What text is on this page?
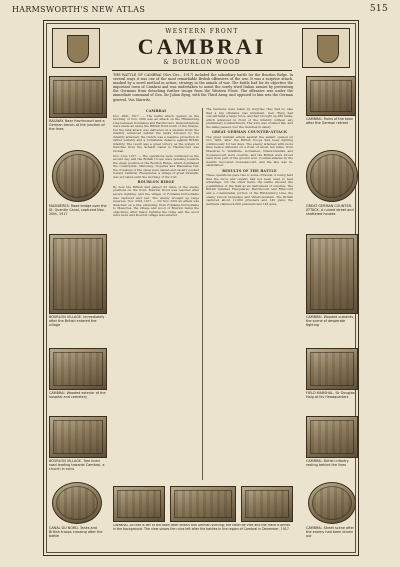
HARMSWORTH'S NEW ATLAS	515
WESTERN FRONT
CAMBRAI
& BOURLON WOOD
THE BATTLE OF CAMBRAI (Nov.-Dec., 1917) included the subsidiary battle for the Bourlon Ridge. In several ways it was one of the most remarkable British offensives of the war. It was a surprise attack, masked by a novel method in action; strategy in the annals of war. The battle had for its objective the important town of Cambrai and was undertaken to assist the sorely tried Italian armies by preventing the Germans from detaching further troops from the Western Front. The offensive was under the immediate command of Gen. Sir Julian Byng, with the Third Army, and opposed to him was the German general, Von Marwitz.
RAILWAY. Near Havrincourt and a German trench at the junction of the lines
CAMBRAI. Ruins of the town after the German retreat
MASNIÈRES. Road bridge over the St. Quentin Canal, captured Nov. 20th, 1917
GREAT GERMAN COUNTER-ATTACK. A ruined street and shattered houses
BOURLON VILLAGE. Immediately after the British entered the village
CAMBRAI. Wooded outskirts, the scene of desperate fighting
CAMBRAI. Wooded exterior of the hospital and cemetery
FIELD MARSHAL. Sir Douglas Haig at his Headquarters
BOURLON VILLAGE. Tree lined road leading towards Cambrai, a church in ruins
CAMBRAI. British infantry resting behind the lines
CANAL DU NORD. Tanks and British troops crossing after the battle
CAMBRAI. Street scene after the enemy had been driven out
CAMBRAI. All that is left of the town after British and German shelling; the Hôtel de Ville and the Place d'Armes in the background. The view shows the ruins left after the battles in the region of Cambrai in December, 1917.
CAMBRAI
Nov. 20th, 1917. — The battle which opened on the morning of Nov. 20th was an attack on the Hindenburg Line between Gonnelieu and Havrincourt. Demonstrations were made all along the British front south of the Scarpe, but the tank attack was delivered on a six-mile front; the infantry advanced behind the tanks followed by the infantry attacked; the trench was a massive protection in rather suitably and a formidable defence against British infantry. The result was a great victory, as the system of trenches from the Scheldt Canal to Havrincourt was broken.
Nov. 21st, 1917. — The operations were continued on the second day and the British troops were pressing towards the great position of the Bourlon Ridge, which dominated the countryside. Marcoing, Noyelles and Masnières fell; the crossings of the canal were seized and cavalry pushed toward Cambrai. Flesquières, a village of great strength, was not taken until the morning of the 21st.
BOURLON RIDGE
By now the British had gained 33 miles of the enemy positions on the front. Bourlon Wood was reached after severe fighting, and the village of Fontaine-Notre-Dame was captured and lost. The enemy brought up large reserves. Nov. 23rd, 1917. — On Nov. 23rd an attack was launched on a line extending from Fontaine-Notre-Dame to Mœuvres, the village and wood of Bourlon being the objectives; after heavy fighting the ridge and the wood were held, and Bourlon village was entered.
The Germans were taken by surprise; they had no idea that a big offensive was imminent. Gen. Byng had concentrated a large force, and had brought up 380 tanks, which advanced in front of the infantry without any preliminary bombardment. The wire was crushed flat, and the tanks passed over the trenches in safety.
GREAT GERMAN COUNTER-ATTACK
The great German attack against the salient opened on Nov. 30th, after the British troops had been fighting continuously for ten days. The enemy attacked with more than twelve divisions on a front of about ten miles, from Mœuvres to Vendhuile. Gonnelieu, Villers-Guislain and Gouzeaucourt were overrun, and the British were forced back from part of the ground won. Counter-attacks by the Guards recovered Gouzeaucourt, and the line was re-established.
RESULTS OF THE BATTLE
These operations gave rise to some criticism, it being held that the force and cavalry had not been used to best advantage. On the other hand, the battle showed the possibilities of the tank as an instrument of surprise. The British retained Flesquières, Havrincourt and Ribécourt and a considerable portion of the Hindenburg Line; the enemy retook Gonnelieu and Villers-Guislain. The British captured about 11,000 prisoners and 145 guns; the Germans claimed 9,000 prisoners and 148 guns.
